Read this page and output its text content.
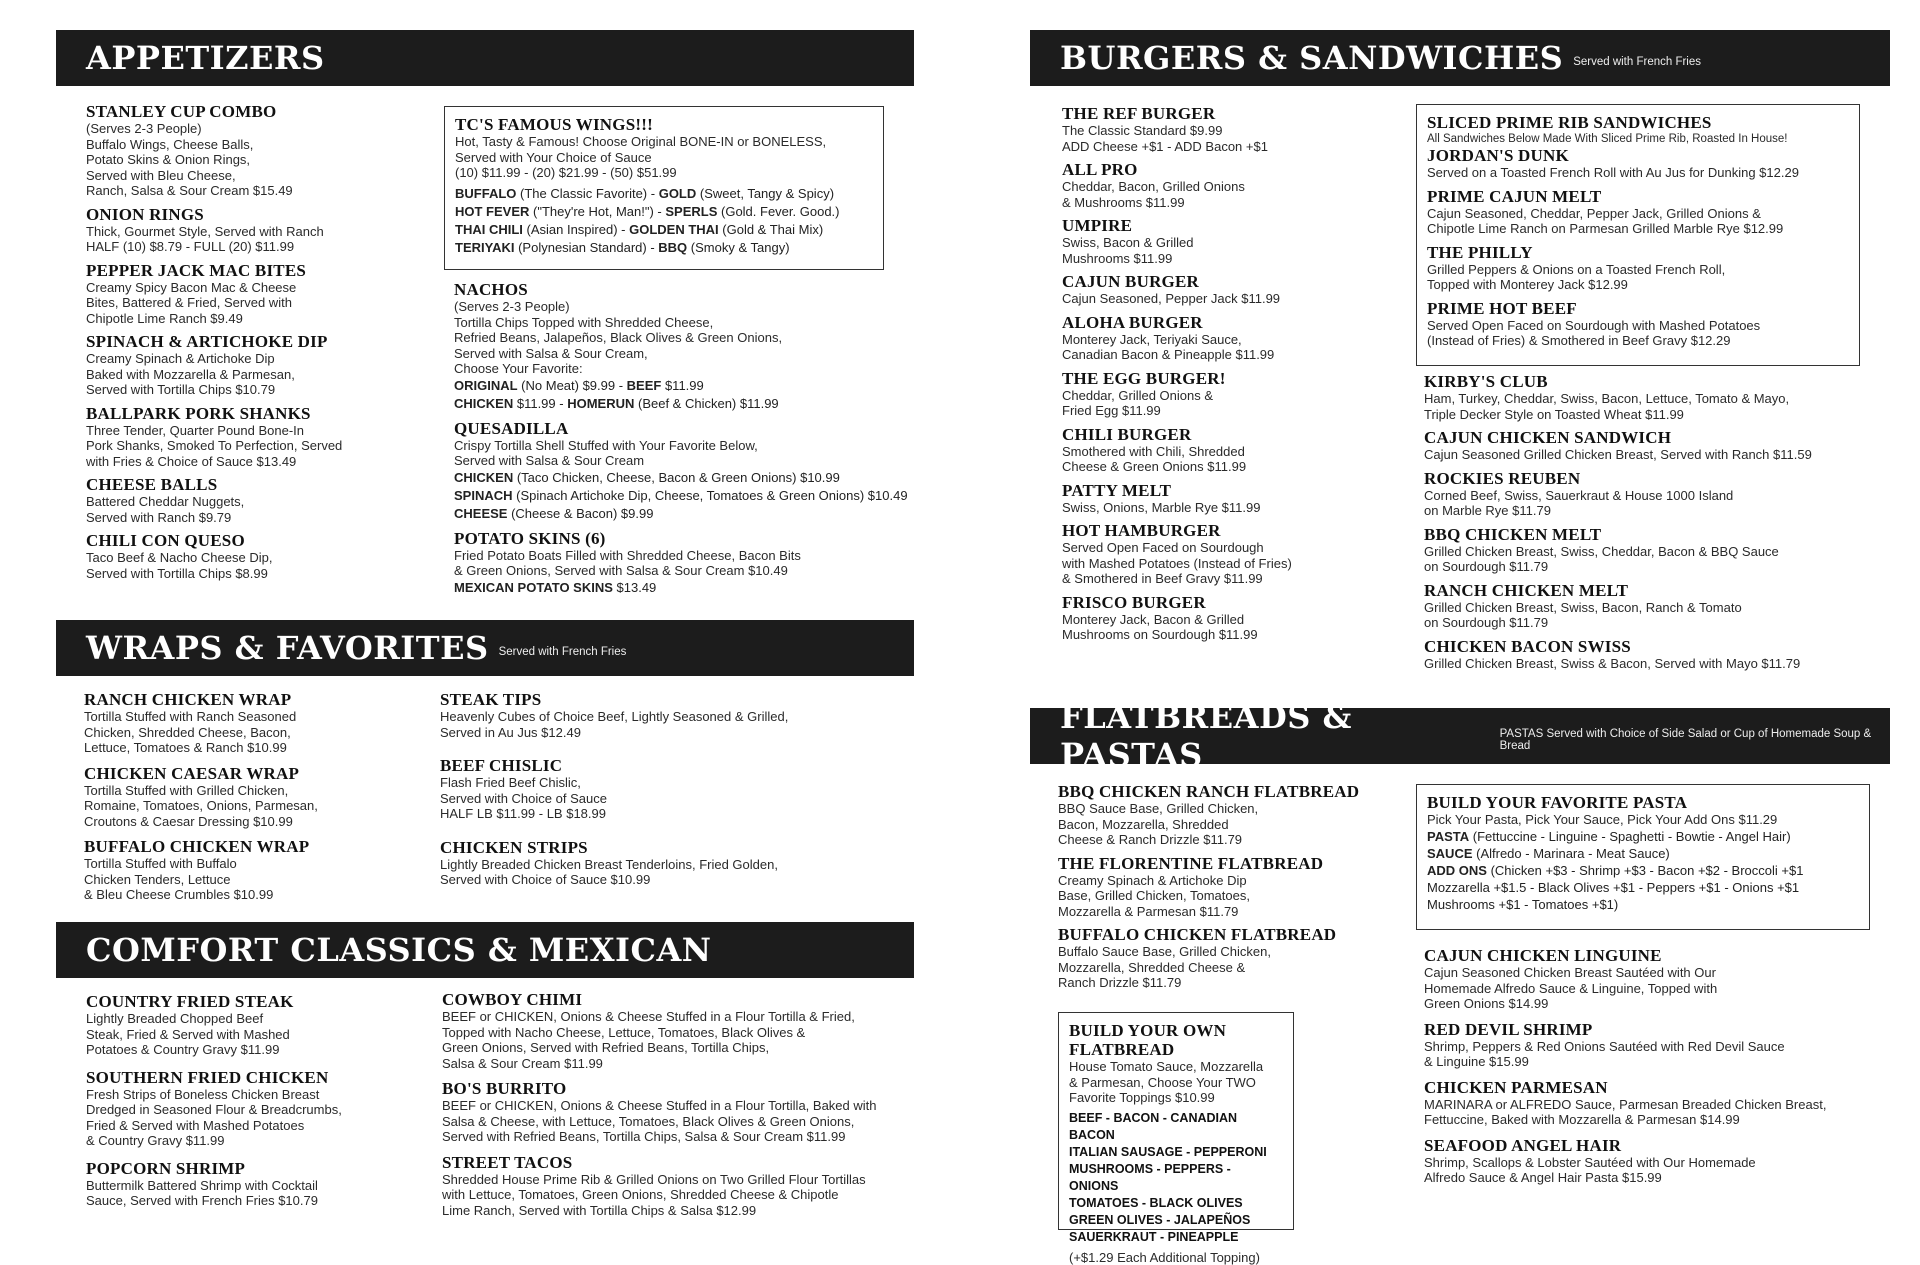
APPETIZERS
STANLEY CUP COMBO
(Serves 2-3 People)
Buffalo Wings, Cheese Balls,
Potato Skins & Onion Rings,
Served with Bleu Cheese,
Ranch, Salsa & Sour Cream $15.49
ONION RINGS
Thick, Gourmet Style, Served with Ranch
HALF (10) $8.79 - FULL (20) $11.99
PEPPER JACK MAC BITES
Creamy Spicy Bacon Mac & Cheese
Bites, Battered & Fried, Served with
Chipotle Lime Ranch $9.49
SPINACH & ARTICHOKE DIP
Creamy Spinach & Artichoke Dip
Baked with Mozzarella & Parmesan,
Served with Tortilla Chips $10.79
BALLPARK PORK SHANKS
Three Tender, Quarter Pound Bone-In
Pork Shanks, Smoked To Perfection, Served
with Fries & Choice of Sauce $13.49
CHEESE BALLS
Battered Cheddar Nuggets,
Served with Ranch $9.79
CHILI CON QUESO
Taco Beef & Nacho Cheese Dip,
Served with Tortilla Chips $8.99
TC'S FAMOUS WINGS!!!
Hot, Tasty & Famous! Choose Original BONE-IN or BONELESS,
Served with Your Choice of Sauce
(10) $11.99 - (20) $21.99 - (50) $51.99
BUFFALO (The Classic Favorite) - GOLD (Sweet, Tangy & Spicy)
HOT FEVER ("They're Hot, Man!") - SPERLS (Gold. Fever. Good.)
THAI CHILI (Asian Inspired) - GOLDEN THAI (Gold & Thai Mix)
TERIYAKI (Polynesian Standard) - BBQ (Smoky & Tangy)
NACHOS
(Serves 2-3 People)
Tortilla Chips Topped with Shredded Cheese,
Refried Beans, Jalapeños, Black Olives & Green Onions,
Served with Salsa & Sour Cream,
Choose Your Favorite:
ORIGINAL (No Meat) $9.99 - BEEF $11.99
CHICKEN $11.99 - HOMERUN (Beef & Chicken) $11.99
QUESADILLA
Crispy Tortilla Shell Stuffed with Your Favorite Below,
Served with Salsa & Sour Cream
CHICKEN (Taco Chicken, Cheese, Bacon & Green Onions) $10.99
SPINACH (Spinach Artichoke Dip, Cheese, Tomatoes & Green Onions) $10.49
CHEESE (Cheese & Bacon) $9.99
POTATO SKINS (6)
Fried Potato Boats Filled with Shredded Cheese, Bacon Bits
& Green Onions, Served with Salsa & Sour Cream $10.49
MEXICAN POTATO SKINS $13.49
WRAPS & FAVORITES Served with French Fries
RANCH CHICKEN WRAP
Tortilla Stuffed with Ranch Seasoned
Chicken, Shredded Cheese, Bacon,
Lettuce, Tomatoes & Ranch $10.99
CHICKEN CAESAR WRAP
Tortilla Stuffed with Grilled Chicken,
Romaine, Tomatoes, Onions, Parmesan,
Croutons & Caesar Dressing $10.99
BUFFALO CHICKEN WRAP
Tortilla Stuffed with Buffalo
Chicken Tenders, Lettuce
& Bleu Cheese Crumbles $10.99
STEAK TIPS
Heavenly Cubes of Choice Beef, Lightly Seasoned & Grilled,
Served in Au Jus $12.49
BEEF CHISLIC
Flash Fried Beef Chislic,
Served with Choice of Sauce
HALF LB $11.99 - LB $18.99
CHICKEN STRIPS
Lightly Breaded Chicken Breast Tenderloins, Fried Golden,
Served with Choice of Sauce $10.99
COMFORT CLASSICS & MEXICAN
COUNTRY FRIED STEAK
Lightly Breaded Chopped Beef
Steak, Fried & Served with Mashed
Potatoes & Country Gravy $11.99
SOUTHERN FRIED CHICKEN
Fresh Strips of Boneless Chicken Breast
Dredged in Seasoned Flour & Breadcrumbs,
Fried & Served with Mashed Potatoes
& Country Gravy $11.99
POPCORN SHRIMP
Buttermilk Battered Shrimp with Cocktail
Sauce, Served with French Fries $10.79
COWBOY CHIMI
BEEF or CHICKEN, Onions & Cheese Stuffed in a Flour Tortilla & Fried,
Topped with Nacho Cheese, Lettuce, Tomatoes, Black Olives &
Green Onions, Served with Refried Beans, Tortilla Chips,
Salsa & Sour Cream $11.99
BO'S BURRITO
BEEF or CHICKEN, Onions & Cheese Stuffed in a Flour Tortilla, Baked with
Salsa & Cheese, with Lettuce, Tomatoes, Black Olives & Green Onions,
Served with Refried Beans, Tortilla Chips, Salsa & Sour Cream $11.99
STREET TACOS
Shredded House Prime Rib & Grilled Onions on Two Grilled Flour Tortillas
with Lettuce, Tomatoes, Green Onions, Shredded Cheese & Chipotle
Lime Ranch, Served with Tortilla Chips & Salsa $12.99
BURGERS & SANDWICHES Served with French Fries
THE REF BURGER
The Classic Standard $9.99
ADD Cheese +$1 - ADD Bacon +$1
ALL PRO
Cheddar, Bacon, Grilled Onions
& Mushrooms $11.99
UMPIRE
Swiss, Bacon & Grilled
Mushrooms $11.99
CAJUN BURGER
Cajun Seasoned, Pepper Jack $11.99
ALOHA BURGER
Monterey Jack, Teriyaki Sauce,
Canadian Bacon & Pineapple $11.99
THE EGG BURGER!
Cheddar, Grilled Onions &
Fried Egg $11.99
CHILI BURGER
Smothered with Chili, Shredded
Cheese & Green Onions $11.99
PATTY MELT
Swiss, Onions, Marble Rye $11.99
HOT HAMBURGER
Served Open Faced on Sourdough
with Mashed Potatoes (Instead of Fries)
& Smothered in Beef Gravy $11.99
FRISCO BURGER
Monterey Jack, Bacon & Grilled
Mushrooms on Sourdough $11.99
SLICED PRIME RIB SANDWICHES
All Sandwiches Below Made With Sliced Prime Rib, Roasted In House!
JORDAN'S DUNK
Served on a Toasted French Roll with Au Jus for Dunking $12.29
PRIME CAJUN MELT
Cajun Seasoned, Cheddar, Pepper Jack, Grilled Onions &
Chipotle Lime Ranch on Parmesan Grilled Marble Rye $12.99
THE PHILLY
Grilled Peppers & Onions on a Toasted French Roll,
Topped with Monterey Jack $12.99
PRIME HOT BEEF
Served Open Faced on Sourdough with Mashed Potatoes
(Instead of Fries) & Smothered in Beef Gravy $12.29
KIRBY'S CLUB
Ham, Turkey, Cheddar, Swiss, Bacon, Lettuce, Tomato & Mayo,
Triple Decker Style on Toasted Wheat $11.99
CAJUN CHICKEN SANDWICH
Cajun Seasoned Grilled Chicken Breast, Served with Ranch $11.59
ROCKIES REUBEN
Corned Beef, Swiss, Sauerkraut & House 1000 Island
on Marble Rye $11.79
BBQ CHICKEN MELT
Grilled Chicken Breast, Swiss, Cheddar, Bacon & BBQ Sauce
on Sourdough $11.79
RANCH CHICKEN MELT
Grilled Chicken Breast, Swiss, Bacon, Ranch & Tomato
on Sourdough $11.79
CHICKEN BACON SWISS
Grilled Chicken Breast, Swiss & Bacon, Served with Mayo $11.79
FLATBREADS & PASTAS
PASTAS Served with Choice of Side Salad or Cup of Homemade Soup & Bread
BBQ CHICKEN RANCH FLATBREAD
BBQ Sauce Base, Grilled Chicken,
Bacon, Mozzarella, Shredded
Cheese & Ranch Drizzle $11.79
THE FLORENTINE FLATBREAD
Creamy Spinach & Artichoke Dip
Base, Grilled Chicken, Tomatoes,
Mozzarella & Parmesan $11.79
BUFFALO CHICKEN FLATBREAD
Buffalo Sauce Base, Grilled Chicken,
Mozzarella, Shredded Cheese &
Ranch Drizzle $11.79
BUILD YOUR OWN FLATBREAD
House Tomato Sauce, Mozzarella
& Parmesan, Choose Your TWO
Favorite Toppings $10.99
BEEF - BACON - CANADIAN BACON
ITALIAN SAUSAGE - PEPPERONI
MUSHROOMS - PEPPERS - ONIONS
TOMATOES - BLACK OLIVES
GREEN OLIVES - JALAPEÑOS
SAUERKRAUT - PINEAPPLE
(+$1.29 Each Additional Topping)
BUILD YOUR FAVORITE PASTA
Pick Your Pasta, Pick Your Sauce, Pick Your Add Ons $11.29
PASTA (Fettuccine - Linguine - Spaghetti - Bowtie - Angel Hair)
SAUCE (Alfredo - Marinara - Meat Sauce)
ADD ONS (Chicken +$3 - Shrimp +$3 - Bacon +$2 - Broccoli +$1
Mozzarella +$1.5 - Black Olives +$1 - Peppers +$1 - Onions +$1
Mushrooms +$1 - Tomatoes +$1)
CAJUN CHICKEN LINGUINE
Cajun Seasoned Chicken Breast Sautéed with Our
Homemade Alfredo Sauce & Linguine, Topped with
Green Onions $14.99
RED DEVIL SHRIMP
Shrimp, Peppers & Red Onions Sautéed with Red Devil Sauce
& Linguine $15.99
CHICKEN PARMESAN
MARINARA or ALFREDO Sauce, Parmesan Breaded Chicken Breast,
Fettuccine, Baked with Mozzarella & Parmesan $14.99
SEAFOOD ANGEL HAIR
Shrimp, Scallops & Lobster Sautéed with Our Homemade
Alfredo Sauce & Angel Hair Pasta $15.99
